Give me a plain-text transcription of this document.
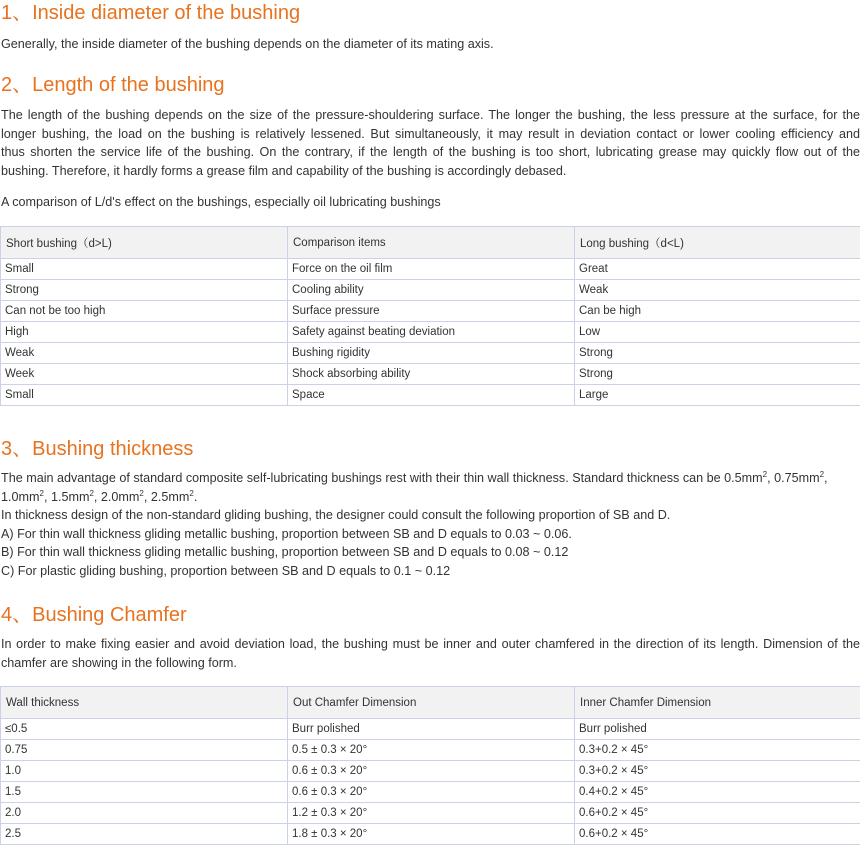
1、Inside diameter of the bushing

Generally, the inside diameter of the bushing depends on the diameter of its mating axis.

2、Length of the bushing

The length of the bushing depends on the size of the pressure-shouldering surface. The longer the bushing, the less pressure at the surface, for the
longer bushing, the load on the bushing is relatively lessened. But simultaneously, it may result in deviation contact or lower cooling efficiency and
thus shorten the service life of the bushing. On the contrary, if the length of the bushing is too short, lubricating grease may quickly flow out of the
bushing. Therefore, it hardly forms a grease film and capability of the bushing is accordingly debased.

A comparison of L/d's effect on the bushings, especially oil lubricating bushings

Short bushing（d>L)	Comparison items	Long bushing（d<L)
Small	Force on the oil film	Great
Strong	Cooling ability	Weak
Can not be too high	Surface pressure	Can be high
High	Safety against beating deviation	Low
Weak	Bushing rigidity	Strong
Week	Shock absorbing ability	Strong
Small	Space	Large
3、Bushing thickness

The main advantage of standard composite self-lubricating bushings rest with their thin wall thickness. Standard thickness can be $0.5mm^2$, $0.75mm^2$,
$1.0mm^2$, $1.5mm^2$, $2.0mm^2$, $2.5mm^2$.
In thickness design of the non-standard gliding bushing, the designer could consult the following proportion of SB and D.
A) For thin wall thickness gliding metallic bushing, proportion between SB and D equals to 0.03 ~ 0.06.
B) For thin wall thickness gliding metallic bushing, proportion between SB and D equals to 0.08 ~ 0.12
C) For plastic gliding bushing, proportion between SB and D equals to 0.1 ~ 0.12

4、Bushing Chamfer

In order to make fixing easier and avoid deviation load, the bushing must be inner and outer chamfered in the direction of its length. Dimension of the
chamfer are showing in the following form.

Wall thickness	Out Chamfer Dimension	Inner Chamfer Dimension
≤0.5	Burr polished	Burr polished
0.75	0.5 ± 0.3 × 20°	0.3+0.2 × 45°
1.0	0.6 ± 0.3 × 20°	0.3+0.2 × 45°
1.5	0.6 ± 0.3 × 20°	0.4+0.2 × 45°
2.0	1.2 ± 0.3 × 20°	0.6+0.2 × 45°
2.5	1.8 ± 0.3 × 20°	0.6+0.2 × 45°
